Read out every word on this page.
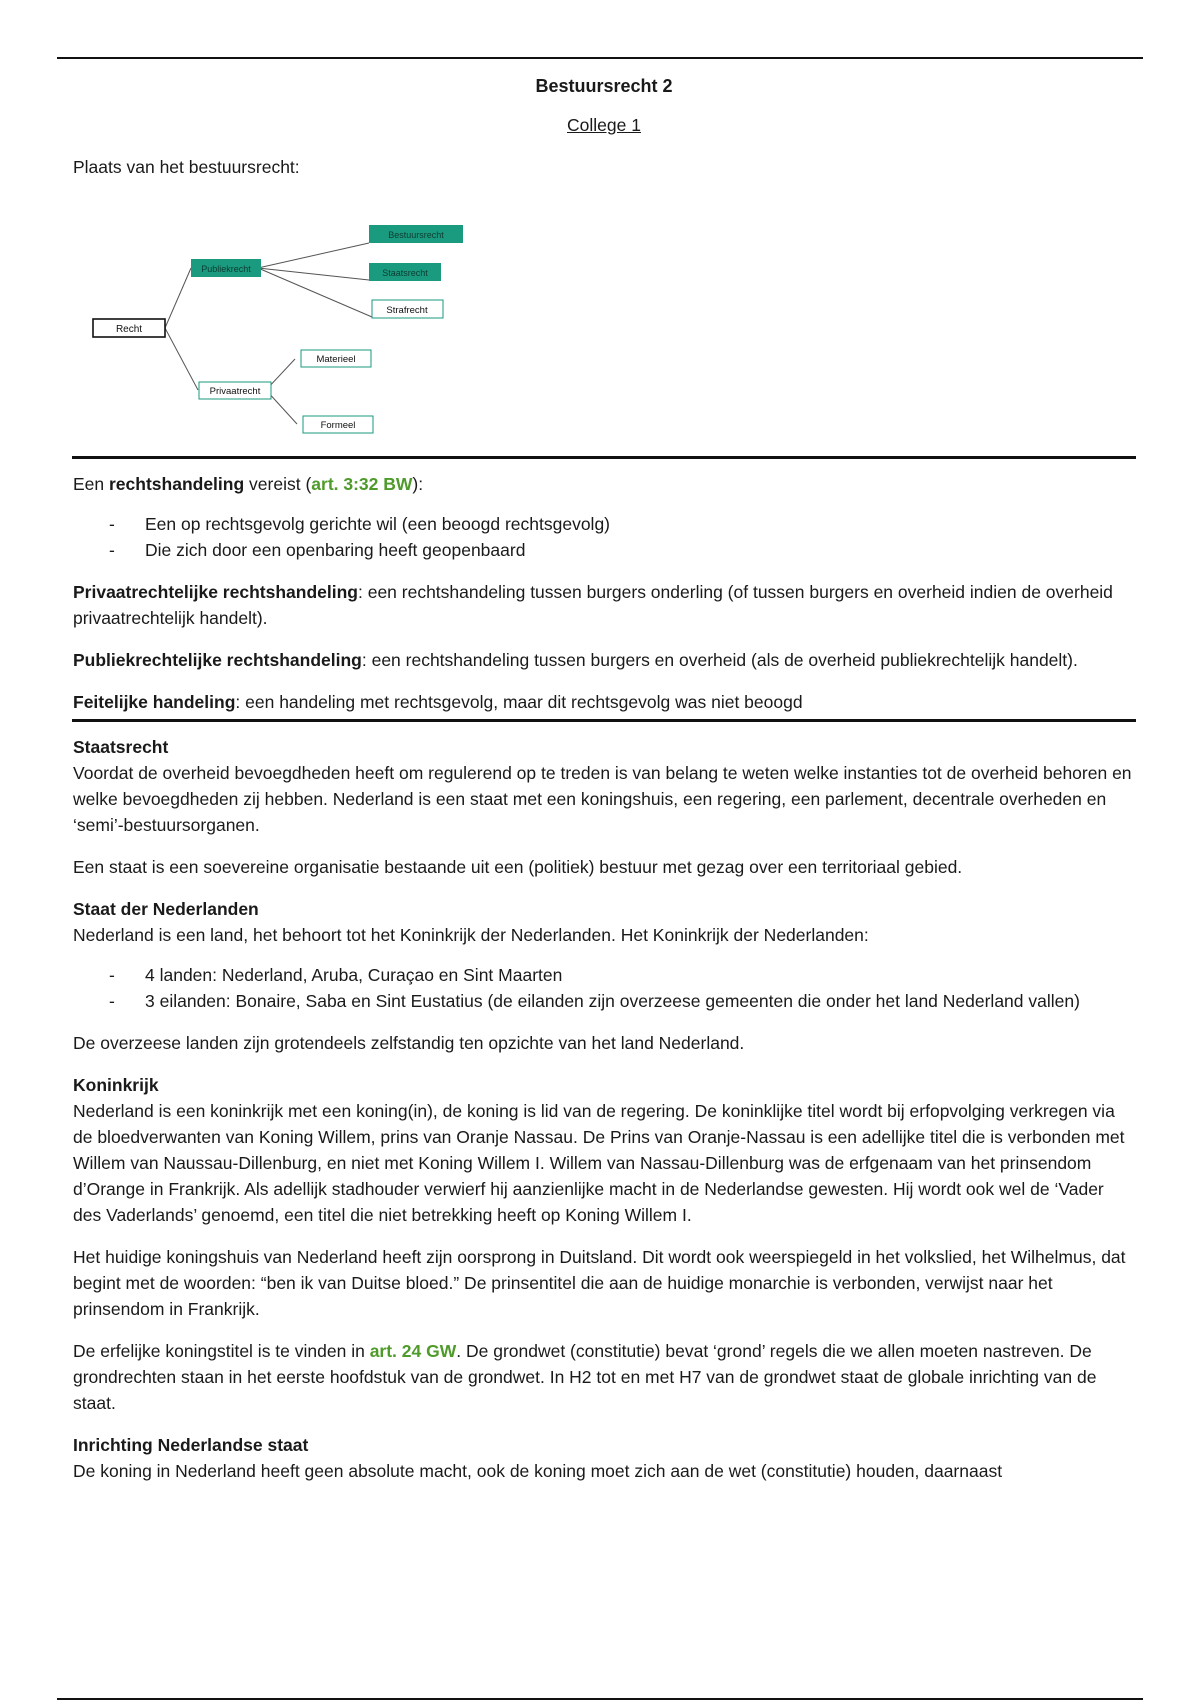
Bestuursrecht 2
College 1

Plaats van het bestuursrecht:

Recht
Publiekrecht
Privaatrecht
Bestuursrecht
Staatsrecht
Strafrecht
Materieel
Formeel

Een rechtshandeling vereist (art. 3:32 BW):

- Een op rechtsgevolg gerichte wil (een beoogd rechtsgevolg)
- Die zich door een openbaring heeft geopenbaard

Privaatrechtelijke rechtshandeling: een rechtshandeling tussen burgers onderling (of tussen burgers en overheid indien de overheid privaatrechtelijk handelt).

Publiekrechtelijke rechtshandeling: een rechtshandeling tussen burgers en overheid (als de overheid publiekrechtelijk handelt).

Feitelijke handeling: een handeling met rechtsgevolg, maar dit rechtsgevolg was niet beoogd

Staatsrecht

Voordat de overheid bevoegdheden heeft om regulerend op te treden is van belang te weten welke instanties tot de overheid behoren en welke bevoegdheden zij hebben. Nederland is een staat met een koningshuis, een regering, een parlement, decentrale overheden en ‘semi’-bestuursorganen.

Een staat is een soevereine organisatie bestaande uit een (politiek) bestuur met gezag over een territoriaal gebied.

Staat der Nederlanden

Nederland is een land, het behoort tot het Koninkrijk der Nederlanden. Het Koninkrijk der Nederlanden:

- 4 landen: Nederland, Aruba, Curaçao en Sint Maarten
- 3 eilanden: Bonaire, Saba en Sint Eustatius (de eilanden zijn overzeese gemeenten die onder het land Nederland vallen)

De overzeese landen zijn grotendeels zelfstandig ten opzichte van het land Nederland.

Koninkrijk

Nederland is een koninkrijk met een koning(in), de koning is lid van de regering. De koninklijke titel wordt bij erfopvolging verkregen via de bloedverwanten van Koning Willem, prins van Oranje Nassau. De Prins van Oranje-Nassau is een adellijke titel die is verbonden met Willem van Naussau-Dillenburg, en niet met Koning Willem I. Willem van Nassau-Dillenburg was de erfgenaam van het prinsendom d’Orange in Frankrijk. Als adellijk stadhouder verwierf hij aanzienlijke macht in de Nederlandse gewesten. Hij wordt ook wel de ‘Vader des Vaderlands’ genoemd, een titel die niet betrekking heeft op Koning Willem I.

Het huidige koningshuis van Nederland heeft zijn oorsprong in Duitsland. Dit wordt ook weerspiegeld in het volkslied, het Wilhelmus, dat begint met de woorden: “ben ik van Duitse bloed.” De prinsentitel die aan de huidige monarchie is verbonden, verwijst naar het prinsendom in Frankrijk.

De erfelijke koningstitel is te vinden in art. 24 GW. De grondwet (constitutie) bevat ‘grond’ regels die we allen moeten nastreven. De grondrechten staan in het eerste hoofdstuk van de grondwet. In H2 tot en met H7 van de grondwet staat de globale inrichting van de staat.

Inrichting Nederlandse staat

De koning in Nederland heeft geen absolute macht, ook de koning moet zich aan de wet (constitutie) houden, daarnaast
